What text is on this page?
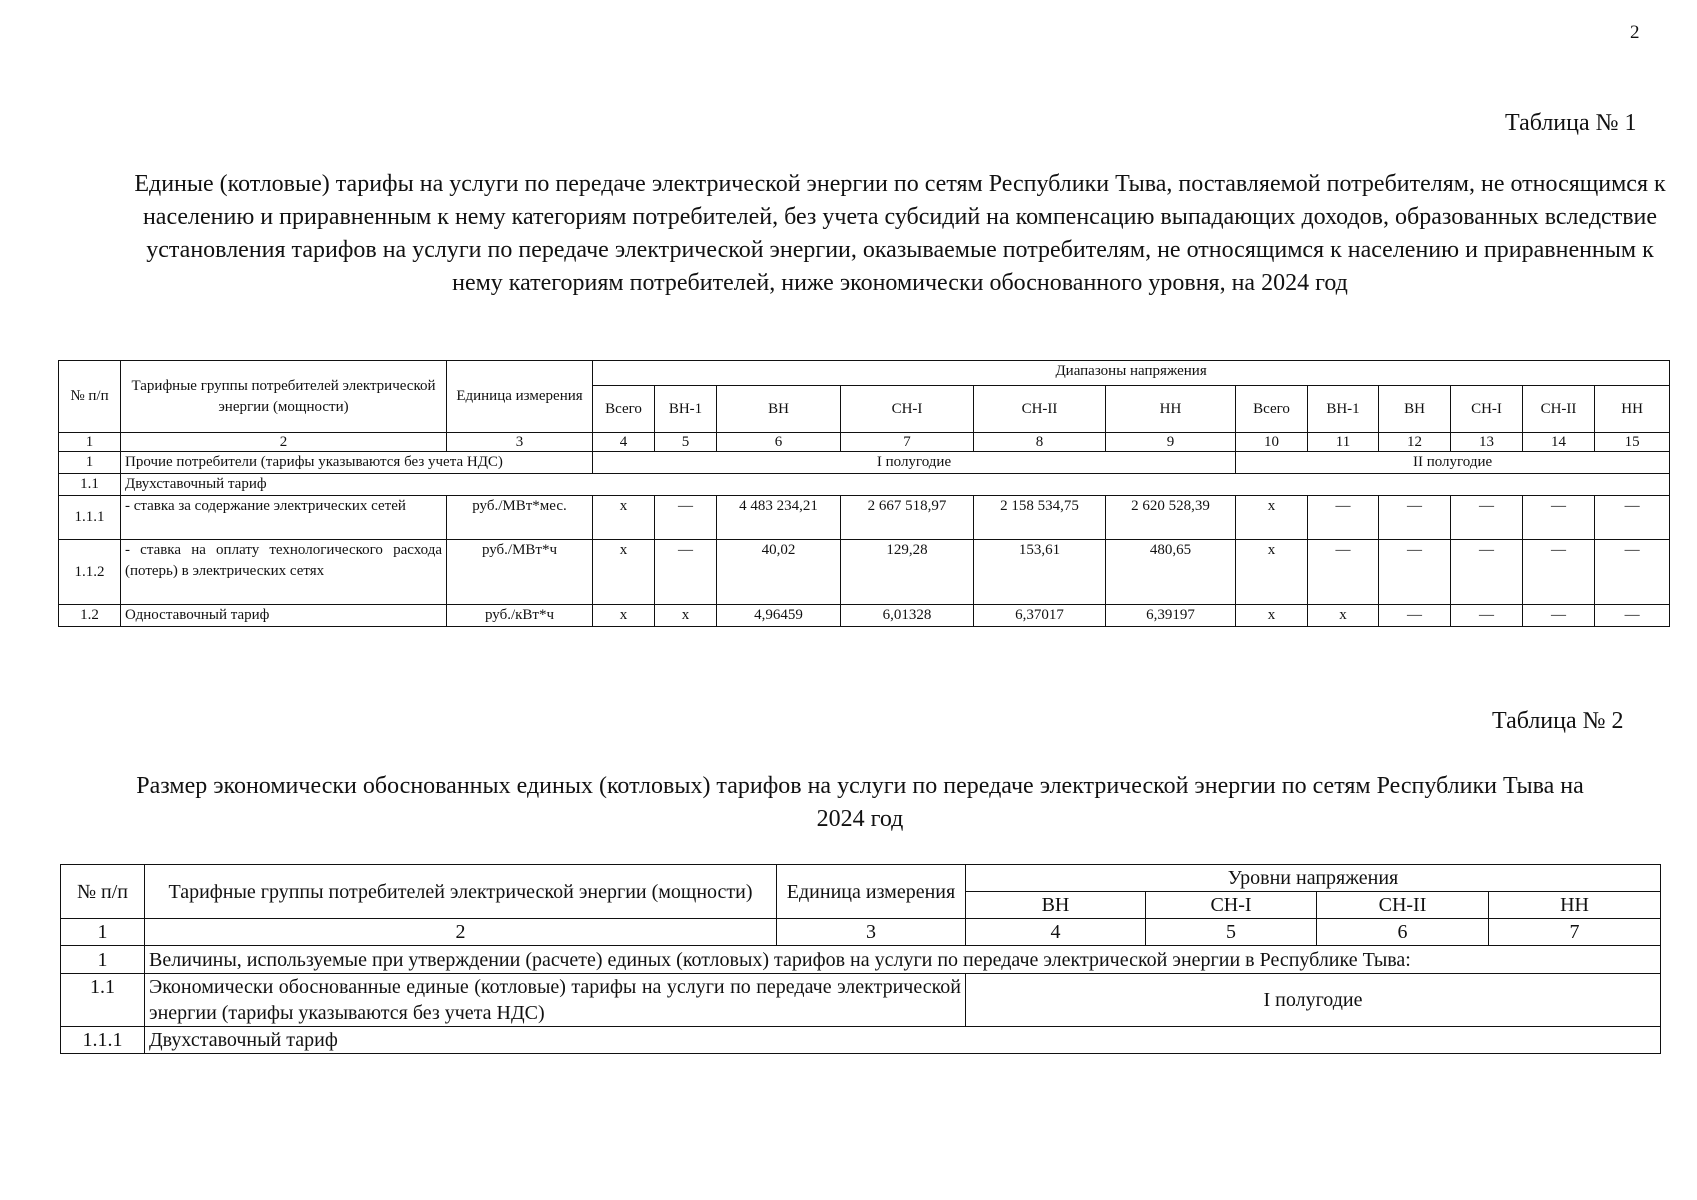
2
Таблица № 1
Единые (котловые) тарифы на услуги по передаче электрической энергии по сетям Республики Тыва, поставляемой потребителям, не относящимся к населению и приравненным к нему категориям потребителей, без учета субсидий на компенсацию выпадающих доходов, образованных вследствие установления тарифов на услуги по передаче электрической энергии, оказываемые потребителям, не относящимся к населению и приравненным к нему категориям потребителей, ниже экономически обоснованного уровня, на 2024 год
№ п/п	Тарифные группы потребителей электрической энергии (мощности)	Единица измерения	Диапазоны напряжения											
			Всего	ВН-1	ВН	СН-I	СН-II	НН	Всего	ВН-1	ВН	СН-I	СН-II	НН
1	2	3	4	5	6	7	8	9	10	11	12	13	14	15
1	Прочие потребители (тарифы указываются без учета НДС)		I полугодие						II полугодие					
1.1	Двухставочный тариф													
1.1.1	- ставка за содержание электрических сетей	руб./МВт*мес.	x	—	4 483 234,21	2 667 518,97	2 158 534,75	2 620 528,39	x	—	—	—	—	—
1.1.2	- ставка на оплату технологического расхода (потерь) в электрических сетях	руб./МВт*ч	x	—	40,02	129,28	153,61	480,65	x	—	—	—	—	—
1.2	Одноставочный тариф	руб./кВт*ч	x	x	4,96459	6,01328	6,37017	6,39197	x	x	—	—	—	—
Таблица № 2
Размер экономически обоснованных единых (котловых) тарифов на услуги по передаче электрической энергии по сетям Республики Тыва на 2024 год
№ п/п	Тарифные группы потребителей электрической энергии (мощности)	Единица измерения	Уровни напряжения			
			ВН	СН-I	СН-II	НН
1	2	3	4	5	6	7
1	Величины, используемые при утверждении (расчете) единых (котловых) тарифов на услуги по передаче электрической энергии в Республике Тыва:					
1.1	Экономически обоснованные единые (котловые) тарифы на услуги по передаче электрической энергии (тарифы указываются без учета НДС)		I полугодие			
1.1.1	Двухставочный тариф					
